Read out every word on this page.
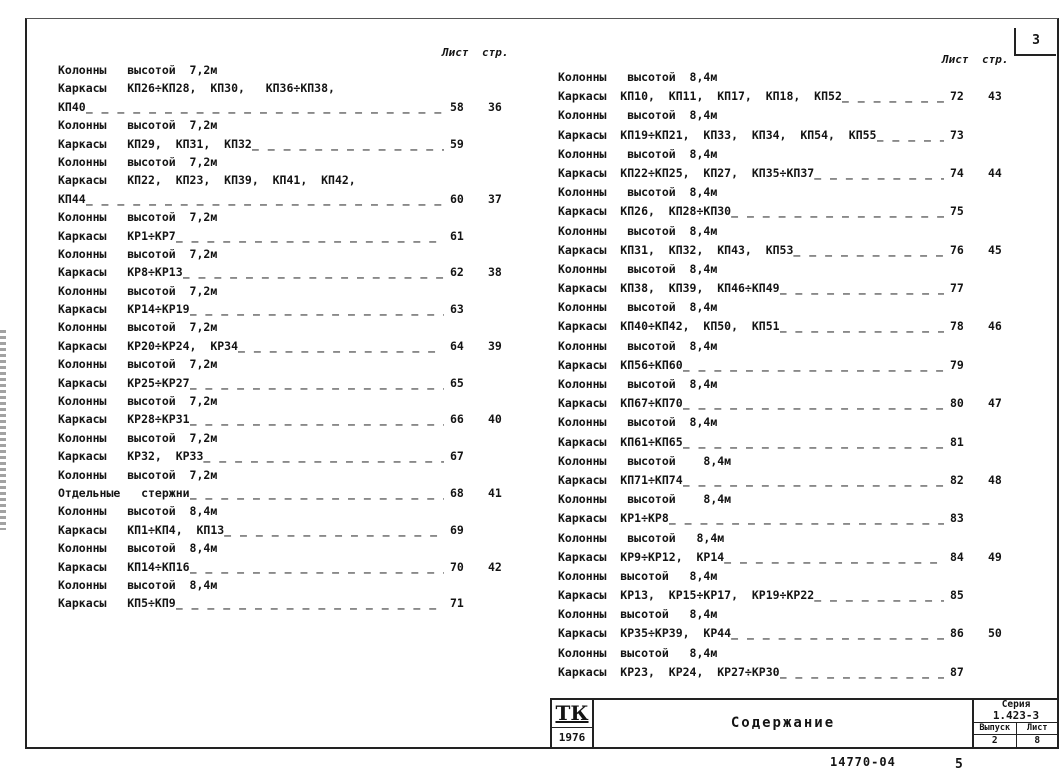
3
Лист	стр.
Колонны   высотой  7,2м
Каркасы   КП26÷КП28,  КП30,   КП36÷КП38,
КП40 _ _ _	58	36
Колонны   высотой  7,2м
Каркасы   КП29,  КП31,  КП32 _ _ _	59
Колонны   высотой  7,2м
Каркасы   КП22,  КП23,  КП39,  КП41,  КП42,
КП44 _ _ _	60	37
Колонны   высотой  7,2м
Каркасы   КР1÷КР7 _ _ _	61
Колонны   высотой  7,2м
Каркасы   КР8÷КР13 _ _ _	62	38
Колонны   высотой  7,2м
Каркасы   КР14÷КР19 _ _ _	63
Колонны   высотой  7,2м
Каркасы   КР20÷КР24,  КР34 _ _ _	64	39
Колонны   высотой  7,2м
Каркасы   КР25÷КР27 _ _ _	65
Колонны   высотой  7,2м
Каркасы   КР28÷КР31 _ _ _	66	40
Колонны   высотой  7,2м
Каркасы   КР32,  КР33 _ _ _	67
Колонны   высотой  7,2м
Отдельные   стержни _ _ _	68	41
Колонны   высотой  8,4м
Каркасы   КП1÷КП4,  КП13 _ _ _	69
Колонны   высотой  8,4м
Каркасы   КП14÷КП16 _ _ _	70	42
Колонны   высотой  8,4м
Каркасы   КП5÷КП9 _ _ _	71
Лист	стр.
Колонны   высотой  8,4м
Каркасы  КП10,  КП11,  КП17,  КП18,  КП52 _ _ _	72	43
Колонны   высотой  8,4м
Каркасы  КП19÷КП21,  КП33,  КП34,  КП54,  КП55 _ _ _	73
Колонны   высотой  8,4м
Каркасы  КП22÷КП25,  КП27,  КП35÷КП37 _ _ _	74	44
Колонны   высотой  8,4м
Каркасы  КП26,  КП28÷КП30 _ _ _	75
Колонны   высотой  8,4м
Каркасы  КП31,  КП32,  КП43,  КП53 _ _ _	76	45
Колонны   высотой  8,4м
Каркасы  КП38,  КП39,  КП46÷КП49 _ _ _	77
Колонны   высотой  8,4м
Каркасы  КП40÷КП42,  КП50,  КП51 _ _ _	78	46
Колонны   высотой  8,4м
Каркасы  КП56÷КП60 _ _ _	79
Колонны   высотой  8,4м
Каркасы  КП67÷КП70 _ _ _	80	47
Колонны   высотой  8,4м
Каркасы  КП61÷КП65 _ _ _	81
Колонны   высотой    8,4м
Каркасы  КП71÷КП74 _ _ _	82	48
Колонны   высотой    8,4м
Каркасы  КР1÷КР8 _ _ _	83
Колонны   высотой   8,4м
Каркасы  КР9÷КР12,  КР14 _ _ _	84	49
Колонны  высотой   8,4м
Каркасы  КР13,  КР15÷КР17,  КР19÷КР22 _ _ _	85
Колонны  высотой   8,4м
Каркасы  КР35÷КР39,  КР44 _ _ _	86	50
Колонны  высотой   8,4м
Каркасы  КР23,  КР24,  КР27÷КР30 _ _ _	87
ТК
1976
Содержание
Серия
1.423-3
Выпуск
2
Лист
8
14770-04	5
